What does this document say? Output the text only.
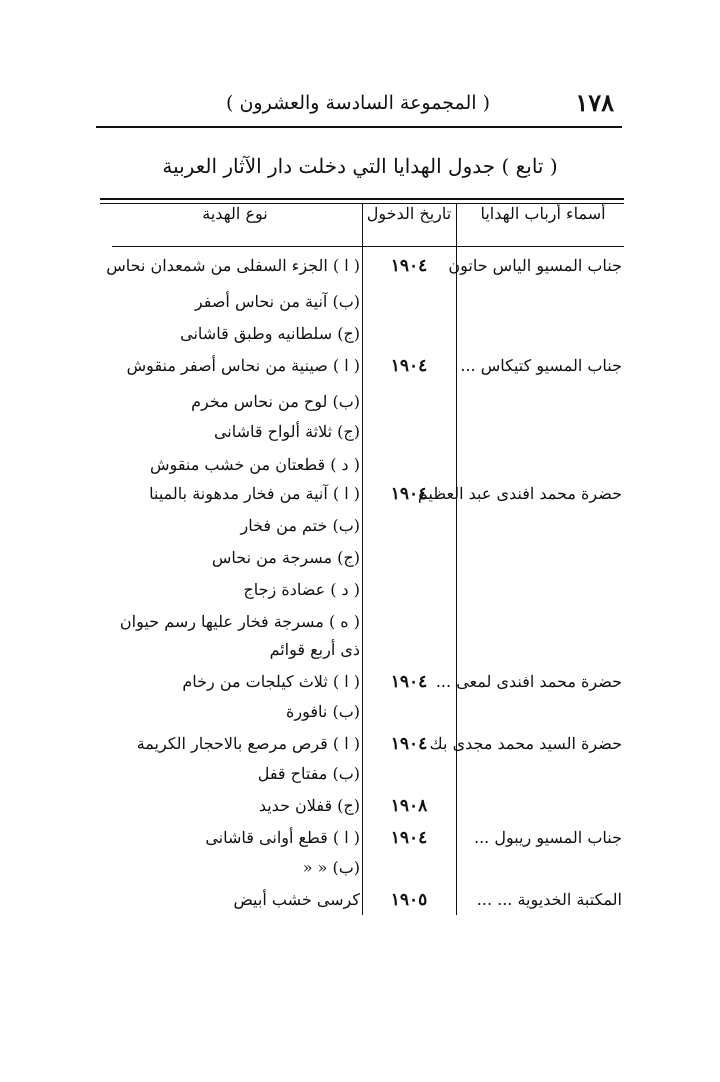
١٧٨
( المجموعة السادسة والعشرون )
( تابع ) جدول الهدايا التي دخلت دار الآثار العربية
أسماء أرباب الهدايا
تاريخ الدخول
نوع الهدية
جناب المسيو الياس حاتون
١٩٠٤
( ا ) الجزء السفلى من شمعدان نحاس
(ب) آنية من نحاس أصفر
(ج) سلطانيه وطبق قاشانى
جناب المسيو كتيكاس ...
١٩٠٤
( ا ) صينية من نحاس أصفر منقوش
(ب) لوح من نحاس مخرم
(ج) ثلاثة ألواح قاشانى
( د ) قطعتان من خشب منقوش
حضرة محمد افندى عبد العظيم
١٩٠٤
( ا ) آنية من فخار مدهونة بالمينا
(ب) ختم من فخار
(ج) مسرجة من نحاس
( د ) عضادة زجاج
( ه ) مسرجة فخار عليها رسم حيوان
ذى أربع قوائم
حضرة محمد افندى لمعى ...
١٩٠٤
( ا ) ثلاث كيلجات من رخام
(ب) نافورة
حضرة السيد محمد مجدى بك
١٩٠٤
( ا ) قرص مرصع بالاحجار الكريمة
(ب) مفتاح قفل
١٩٠٨
(ج) قفلان حديد
جناب المسيو ريبول ...
١٩٠٤
( ا ) قطع أوانى قاشانى
(ب) « «
المكتبة الخديوية ... ...
١٩٠٥
كرسى خشب أبيض
